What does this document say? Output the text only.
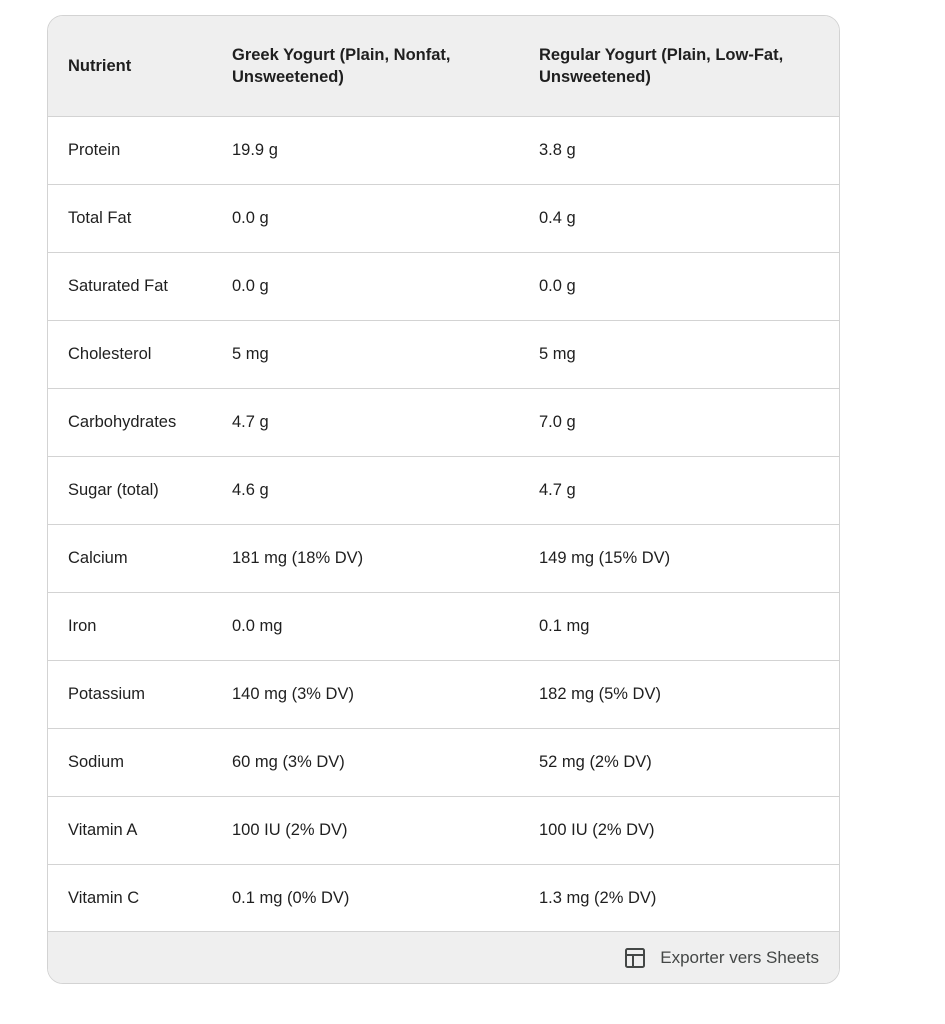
Nutrient	Greek Yogurt (Plain, Nonfat, Unsweetened)	Regular Yogurt (Plain, Low-Fat, Unsweetened)
Protein	19.9 g	3.8 g
Total Fat	0.0 g	0.4 g
Saturated Fat	0.0 g	0.0 g
Cholesterol	5 mg	5 mg
Carbohydrates	4.7 g	7.0 g
Sugar (total)	4.6 g	4.7 g
Calcium	181 mg (18% DV)	149 mg (15% DV)
Iron	0.0 mg	0.1 mg
Potassium	140 mg (3% DV)	182 mg (5% DV)
Sodium	60 mg (3% DV)	52 mg (2% DV)
Vitamin A	100 IU (2% DV)	100 IU (2% DV)
Vitamin C	0.1 mg (0% DV)	1.3 mg (2% DV)
Exporter vers Sheets
